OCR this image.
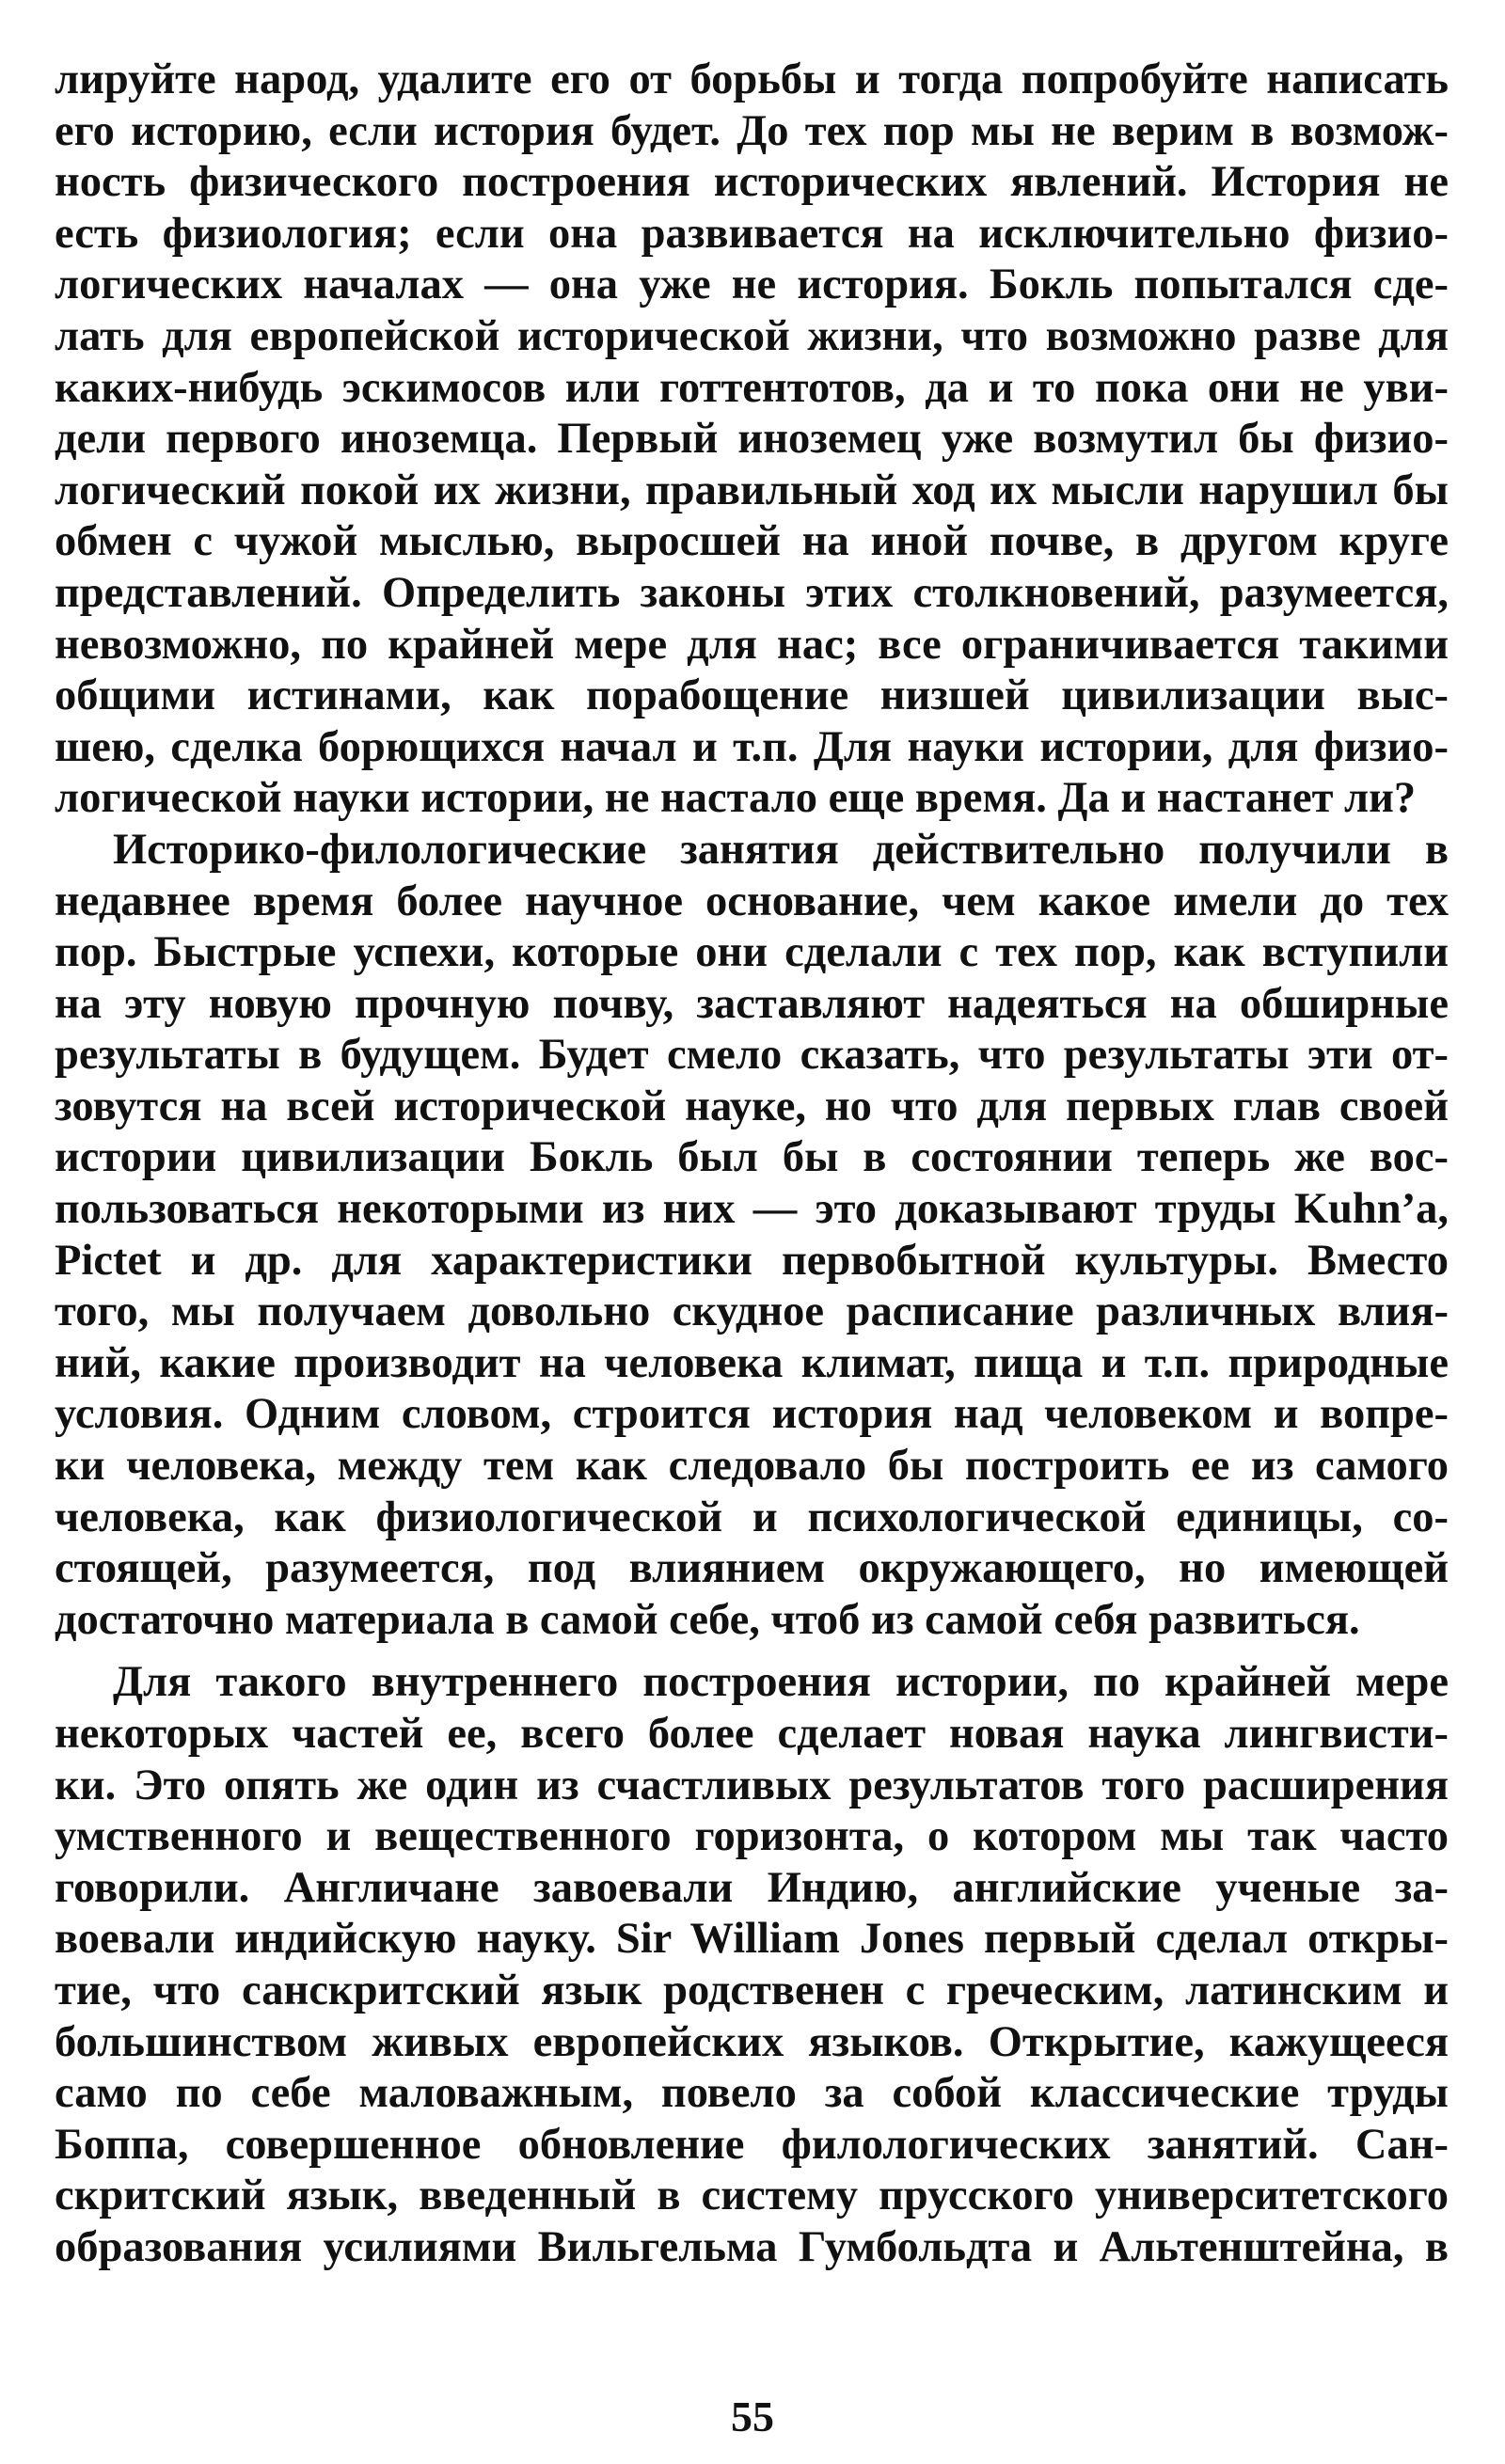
лируйте народ, удалите его от борьбы и тогда попробуйте написать
его историю, если история будет. До тех пор мы не верим в возмож-
ность физического построения исторических явлений. История не
есть физиология; если она развивается на исключительно физио-
логических началах — она уже не история. Бокль попытался сде-
лать для европейской исторической жизни, что возможно разве для
каких-нибудь эскимосов или готтентотов, да и то пока они не уви-
дели первого иноземца. Первый иноземец уже возмутил бы физио-
логический покой их жизни, правильный ход их мысли нарушил бы
обмен с чужой мыслью, выросшей на иной почве, в другом круге
представлений. Определить законы этих столкновений, разумеется,
невозможно, по крайней мере для нас; все ограничивается такими
общими истинами, как порабощение низшей цивилизации выс-
шею, сделка борющихся начал и т.п. Для науки истории, для физио-
логической науки истории, не настало еще время. Да и настанет ли?
Историко-филологические занятия действительно получили в
недавнее время более научное основание, чем какое имели до тех
пор. Быстрые успехи, которые они сделали с тех пор, как вступили
на эту новую прочную почву, заставляют надеяться на обширные
результаты в будущем. Будет смело сказать, что результаты эти от-
зовутся на всей исторической науке, но что для первых глав своей
истории цивилизации Бокль был бы в состоянии теперь же вос-
пользоваться некоторыми из них — это доказывают труды Kuhn’a,
Pictet и др. для характеристики первобытной культуры. Вместо
того, мы получаем довольно скудное расписание различных влия-
ний, какие производит на человека климат, пища и т.п. природные
условия. Одним словом, строится история над человеком и вопре-
ки человека, между тем как следовало бы построить ее из самого
человека, как физиологической и психологической единицы, со-
стоящей, разумеется, под влиянием окружающего, но имеющей
достаточно материала в самой себе, чтоб из самой себя развиться.
Для такого внутреннего построения истории, по крайней мере
некоторых частей ее, всего более сделает новая наука лингвисти-
ки. Это опять же один из счастливых результатов того расширения
умственного и вещественного горизонта, о котором мы так часто
говорили. Англичане завоевали Индию, английские ученые за-
воевали индийскую науку. Sir William Jones первый сделал откры-
тие, что санскритский язык родственен с греческим, латинским и
большинством живых европейских языков. Открытие, кажущееся
само по себе маловажным, повело за собой классические труды
Боппа, совершенное обновление филологических занятий. Сан-
скритский язык, введенный в систему прусского университетского
образования усилиями Вильгельма Гумбольдта и Альтенштейна, в
55
